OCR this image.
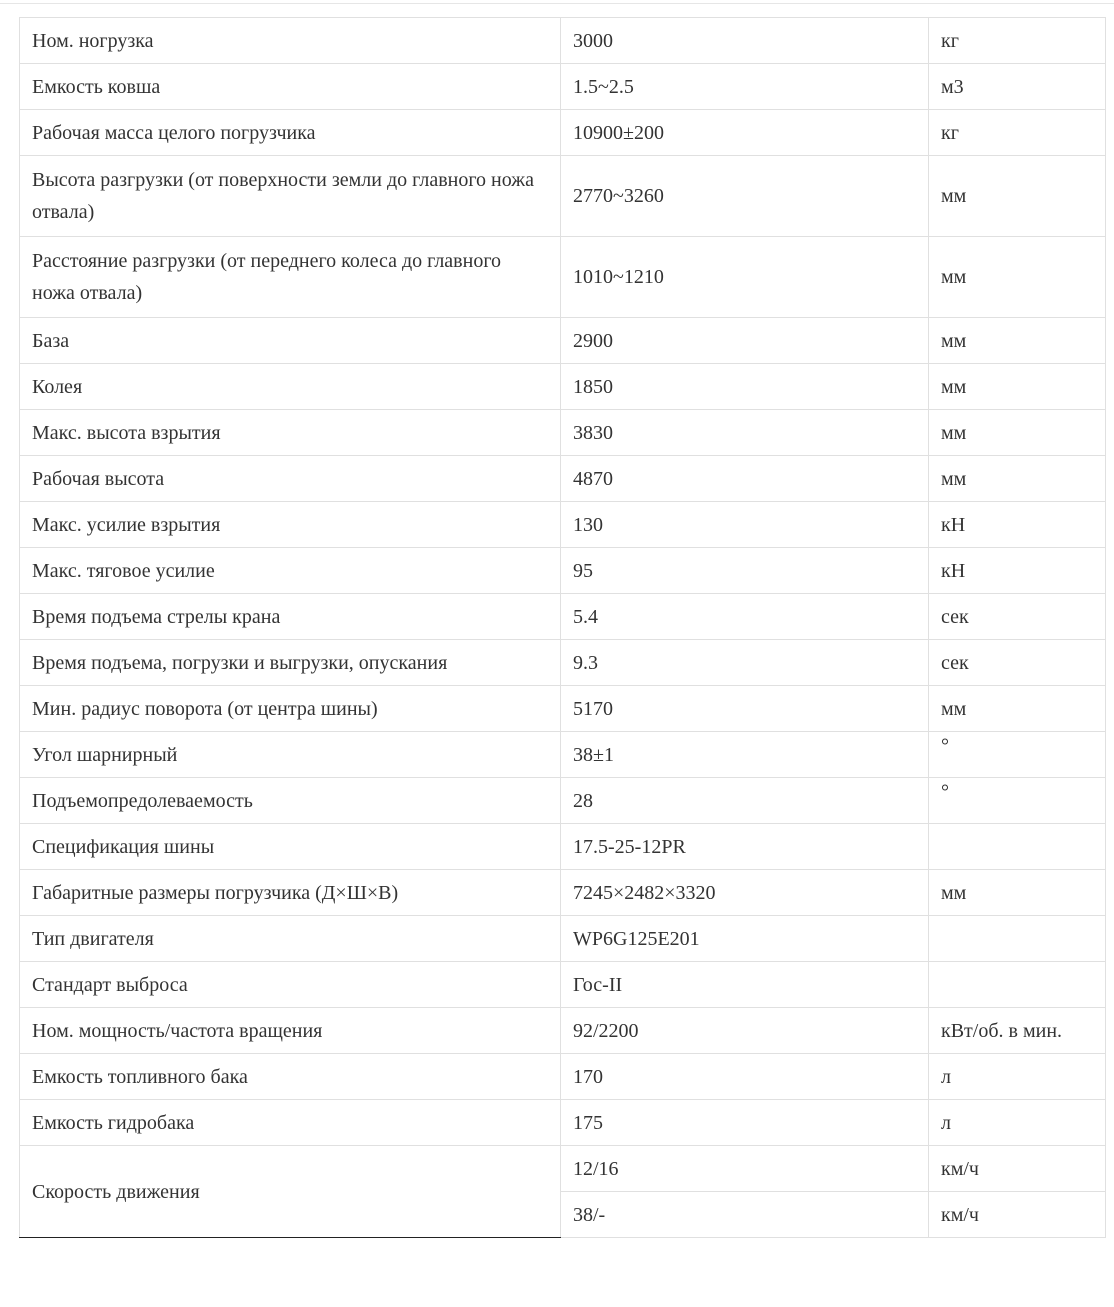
Ном. ногрузка	3000	кг
Емкость ковша	1.5~2.5	м3
Рабочая масса целого погрузчика	10900±200	кг
Высота разгрузки (от поверхности земли до главного ножа отвала)	2770~3260	мм
Расстояние разгрузки (от переднего колеса до главного ножа отвала)	1010~1210	мм
База	2900	мм
Колея	1850	мм
Макс. высота взрытия	3830	мм
Рабочая высота	4870	мм
Макс. усилие взрытия	130	кН
Макс. тяговое усилие	95	кН
Время подъема стрелы крана	5.4	сек
Время подъема, погрузки и выгрузки, опускания	9.3	сек
Мин. радиус поворота (от центра шины)	5170	мм
Угол шарнирный	38±1	°
Подъемопредолеваемость	28	°
Спецификация шины	17.5-25-12PR	
Габаритные размеры погрузчика (Д×Ш×В)	7245×2482×3320	мм
Тип двигателя	WP6G125E201	
Стандарт выброса	Гос-II	
Ном. мощность/частота вращения	92/2200	кВт/об. в мин.
Емкость топливного бака	170	л
Емкость гидробака	175	л
Скорость движения	12/16	км/ч
	38/-	км/ч
